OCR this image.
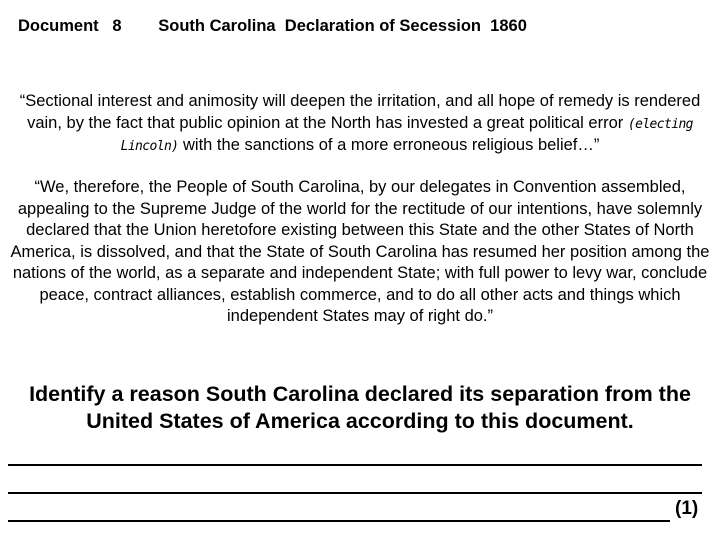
Document   8        South Carolina  Declaration of Secession  1860
“Sectional interest and animosity will deepen the irritation, and all hope of remedy is rendered vain, by the fact that public opinion at the North has invested a great political error (electing Lincoln) with the sanctions of a more erroneous religious belief…”
“We, therefore, the People of South Carolina, by our delegates in Convention assembled, appealing to the Supreme Judge of the world for the rectitude of our intentions, have solemnly declared that the Union heretofore existing between this State and the other States of North America, is dissolved, and that the State of South Carolina has resumed her position among the nations of the world, as a separate and independent State; with full power to levy war, conclude peace, contract alliances, establish commerce, and to do all other acts and things which independent States may of right do.”
Identify a reason South Carolina declared its separation from the United States of America according to this document.
(1)
